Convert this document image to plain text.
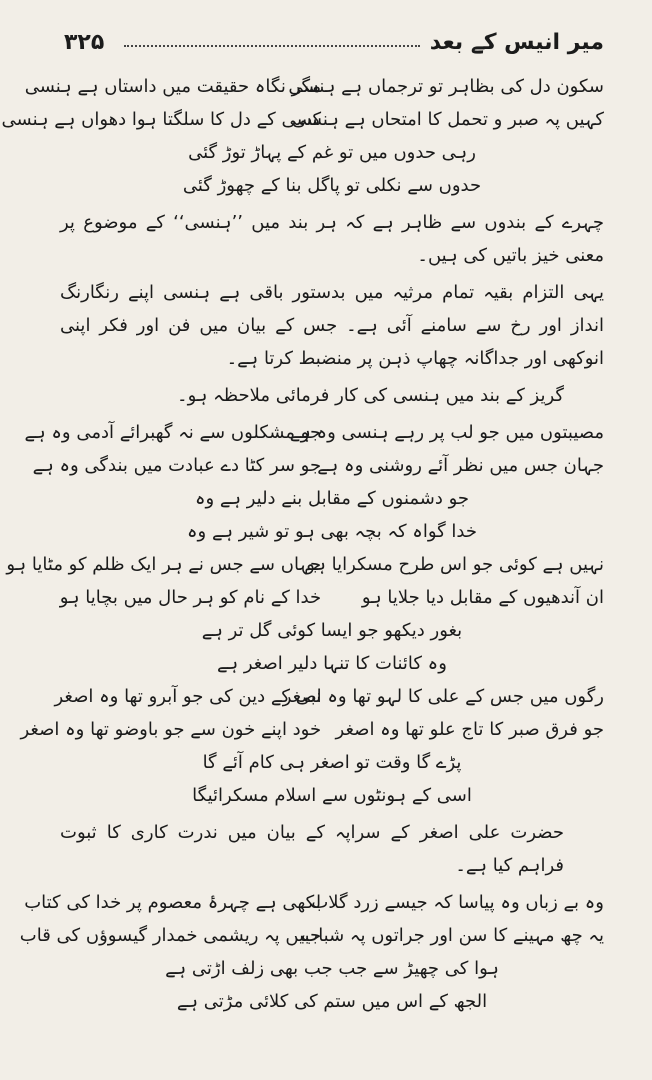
۳۲۵	میر انیس کے بعد
سکون دل کی بظاہر تو ترجماں ہے ہنسی
مگر نگاہ حقیقت میں داستاں ہے ہنسی
کہیں پہ صبر و تحمل کا امتحاں ہے ہنسی
کسی کے دل کا سلگتا ہوا دھواں ہے ہنسی
رہی حدوں میں تو غم کے پہاڑ توڑ گئی
حدوں سے نکلی تو پاگل بنا کے چھوڑ گئی
چہرے کے بندوں سے ظاہر ہے کہ ہر بند میں ’’ہنسی‘‘ کے موضوع پر معنی خیز باتیں کی ہیں۔
یہی التزام بقیہ تمام مرثیہ میں بدستور باقی ہے ہنسی اپنے رنگارنگ انداز اور رخ سے سامنے آئی ہے۔ جس کے بیان میں فن اور فکر اپنی انوکھی اور جداگانہ چھاپ ذہن پر منضبط کرتا ہے۔
گریز کے بند میں ہنسی کی کار فرمائی ملاحظہ ہو۔
مصیبتوں میں جو لب پر رہے ہنسی وہ ہے
جو مشکلوں سے نہ گھبرائے آدمی وہ ہے
جہان جس میں نظر آئے روشنی وہ ہے
جو سر کٹا دے عبادت میں بندگی وہ ہے
جو دشمنوں کے مقابل بنے دلیر ہے وہ
خدا گواہ کہ بچہ بھی ہو تو شیر ہے وہ
نہیں ہے کوئی جو اس طرح مسکرایا ہو
جہاں سے جس نے ہر ایک ظلم کو مٹایا ہو
ان آندھیوں کے مقابل دیا جلایا ہو
خدا کے نام کو ہر حال میں بچایا ہو
بغور دیکھو جو ایسا کوئی گل تر ہے
وہ کائنات کا تنہا دلیر اصغر ہے
رگوں میں جس کے علی کا لہو تھا وہ اصغر
نبی کے دین کی جو آبرو تھا وہ اصغر
جو فرق صبر کا تاج علو تھا وہ اصغر
خود اپنے خون سے جو باوضو تھا وہ اصغر
پڑے گا وقت تو اصغر ہی کام آئے گا
اسی کے ہونٹوں سے اسلام مسکرائیگا
حضرت علی اصغر کے سراپہ کے بیان میں ندرت کاری کا ثبوت فراہم کیا ہے۔
وہ بے زباں وہ پیاسا کہ جیسے زرد گلاب
لکھی ہے چہرۂ معصوم پر خدا کی کتاب
یہ چھ مہینے کا سن اور جراتوں پہ شباب
جبیں پہ ریشمی خمدار گیسوؤں کی قاب
ہوا کی چھیڑ سے جب جب بھی زلف اڑتی ہے
الجھ کے اس میں ستم کی کلائی مڑتی ہے
